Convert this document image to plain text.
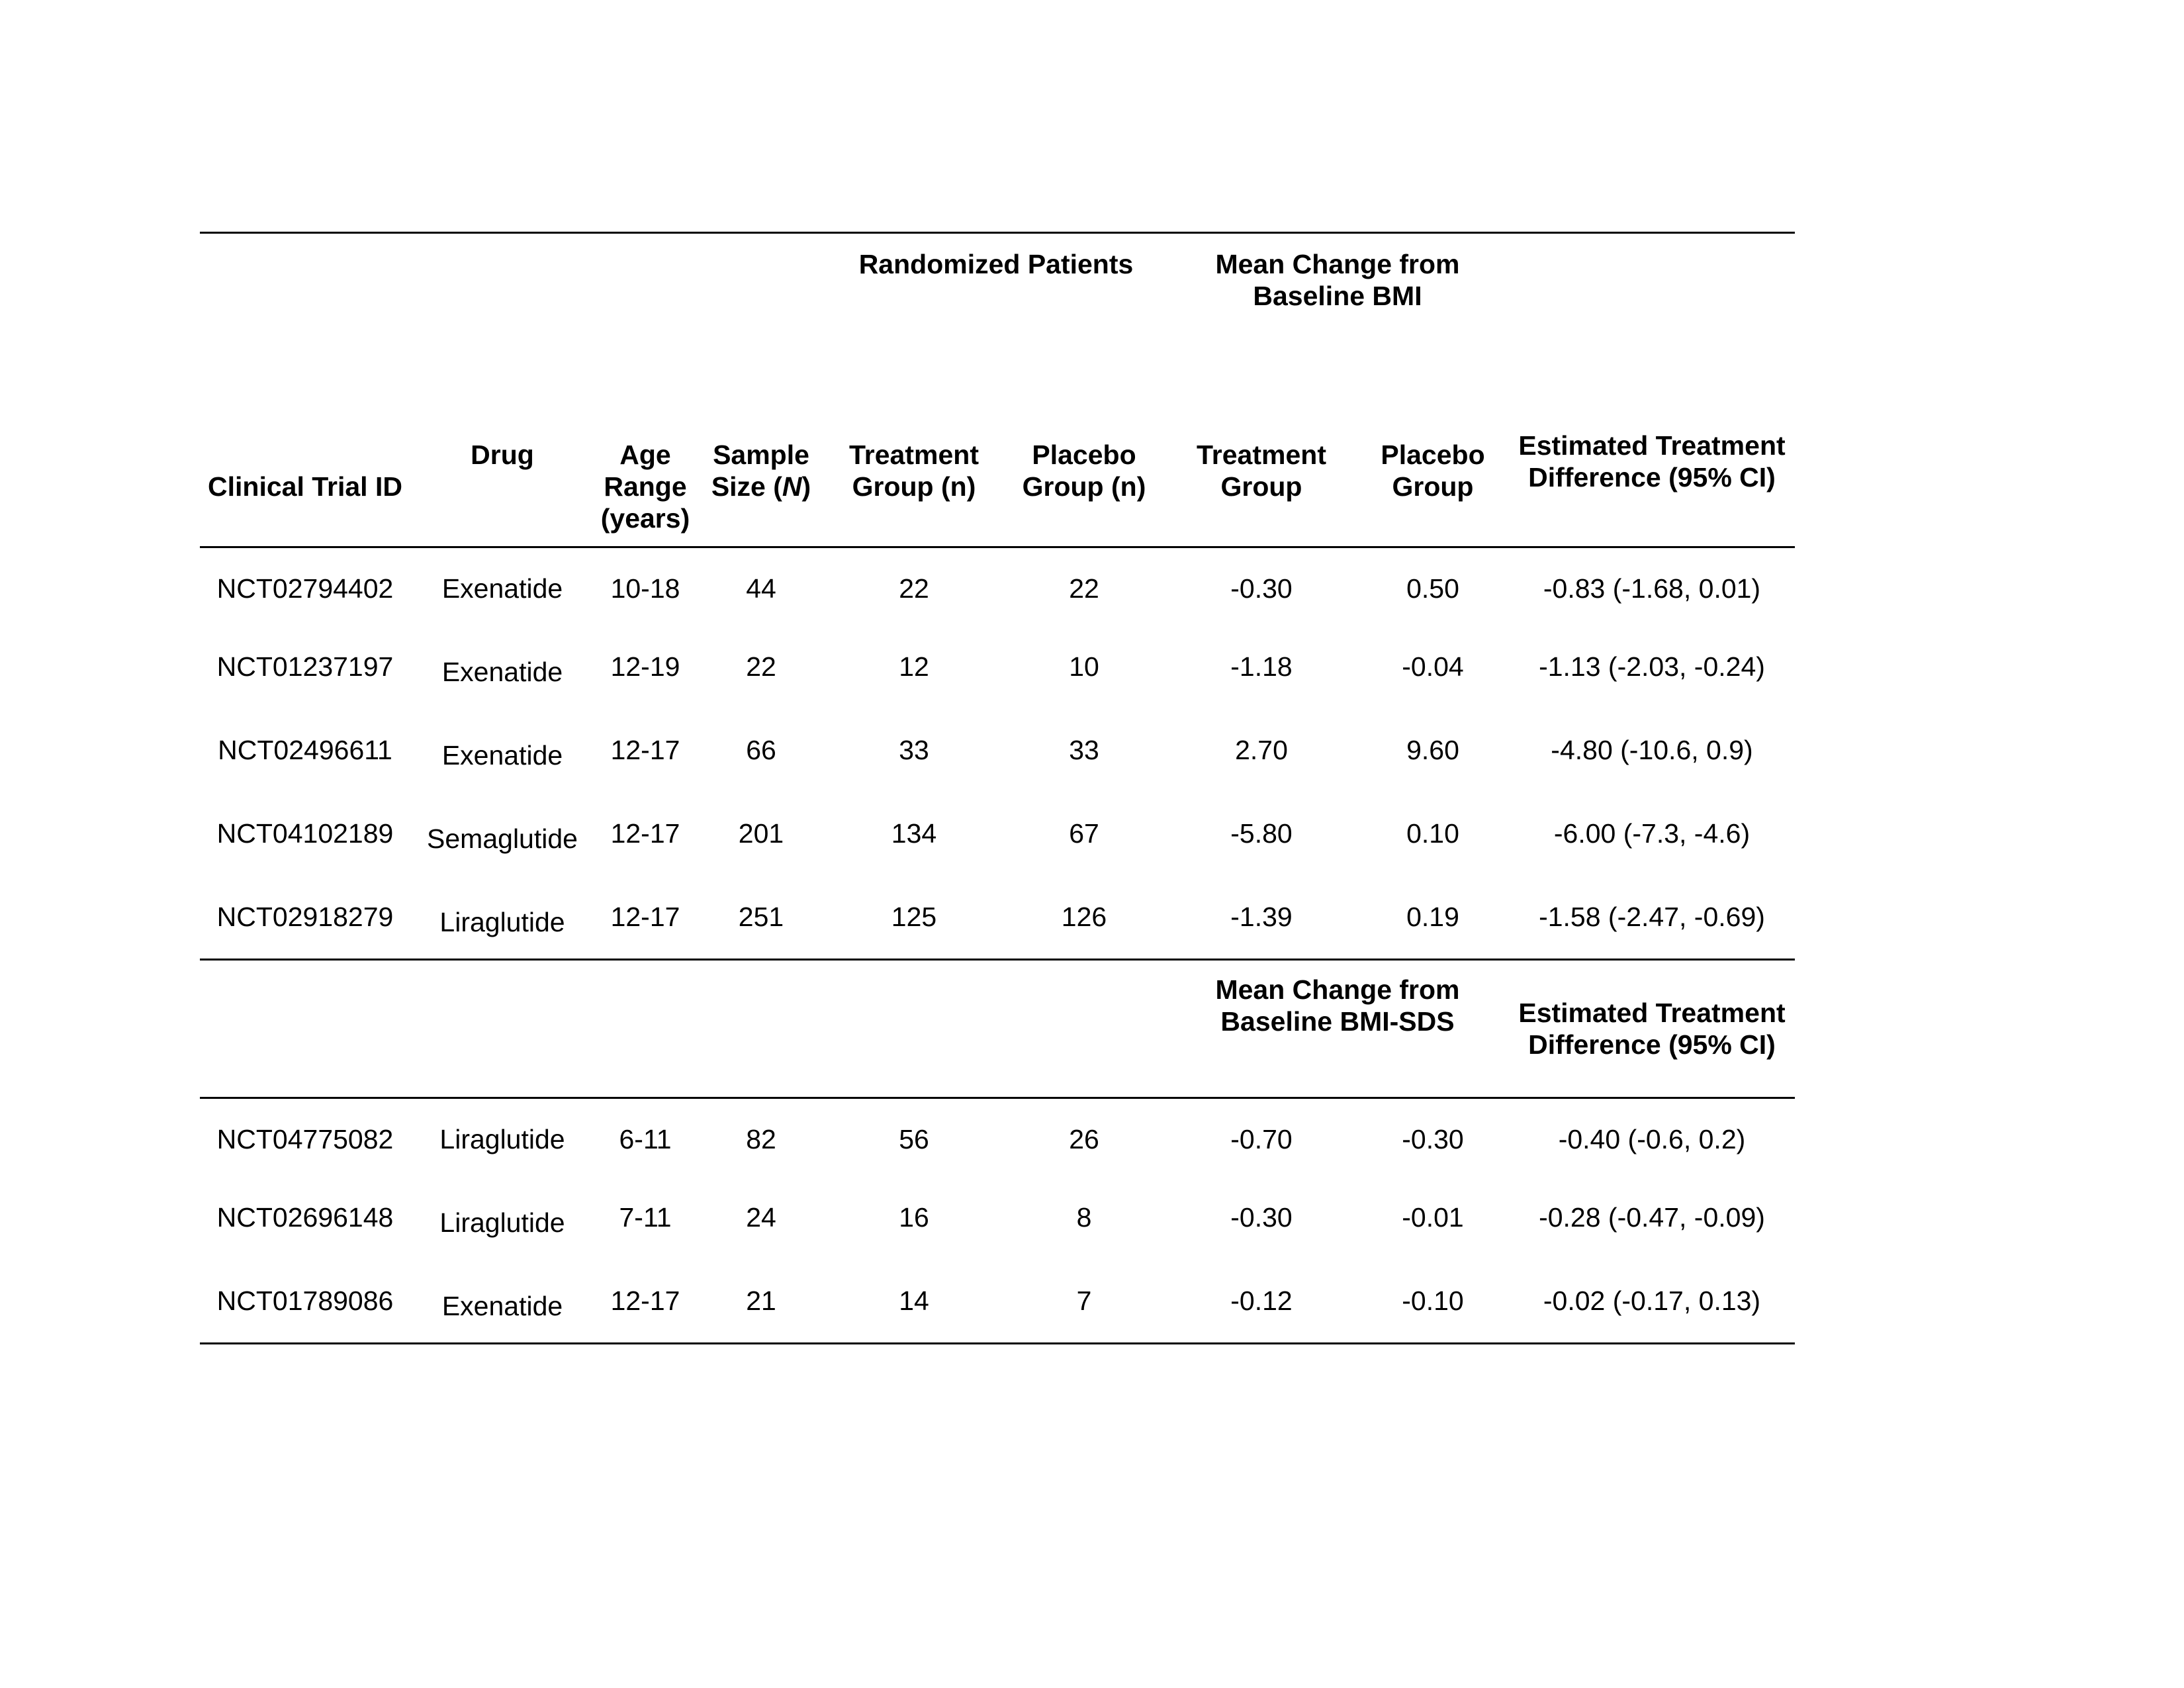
				Randomized Patients		Mean Change from Baseline BMI		
Clinical Trial ID	Drug	Age Range (years)	Sample Size (N)	Treatment Group (n)	Placebo Group (n)	Treatment Group	Placebo Group	Estimated Treatment Difference (95% CI)
NCT02794402	Exenatide	10-18	44	22	22	-0.30	0.50	-0.83 (-1.68, 0.01)
NCT01237197	Exenatide	12-19	22	12	10	-1.18	-0.04	-1.13 (-2.03, -0.24)
NCT02496611	Exenatide	12-17	66	33	33	2.70	9.60	-4.80 (-10.6, 0.9)
NCT04102189	Semaglutide	12-17	201	134	67	-5.80	0.10	-6.00 (-7.3, -4.6)
NCT02918279	Liraglutide	12-17	251	125	126	-1.39	0.19	-1.58 (-2.47, -0.69)
						Mean Change from Baseline BMI-SDS		Estimated Treatment Difference (95% CI)
NCT04775082	Liraglutide	6-11	82	56	26	-0.70	-0.30	-0.40 (-0.6, 0.2)
NCT02696148	Liraglutide	7-11	24	16	8	-0.30	-0.01	-0.28 (-0.47, -0.09)
NCT01789086	Exenatide	12-17	21	14	7	-0.12	-0.10	-0.02 (-0.17, 0.13)
